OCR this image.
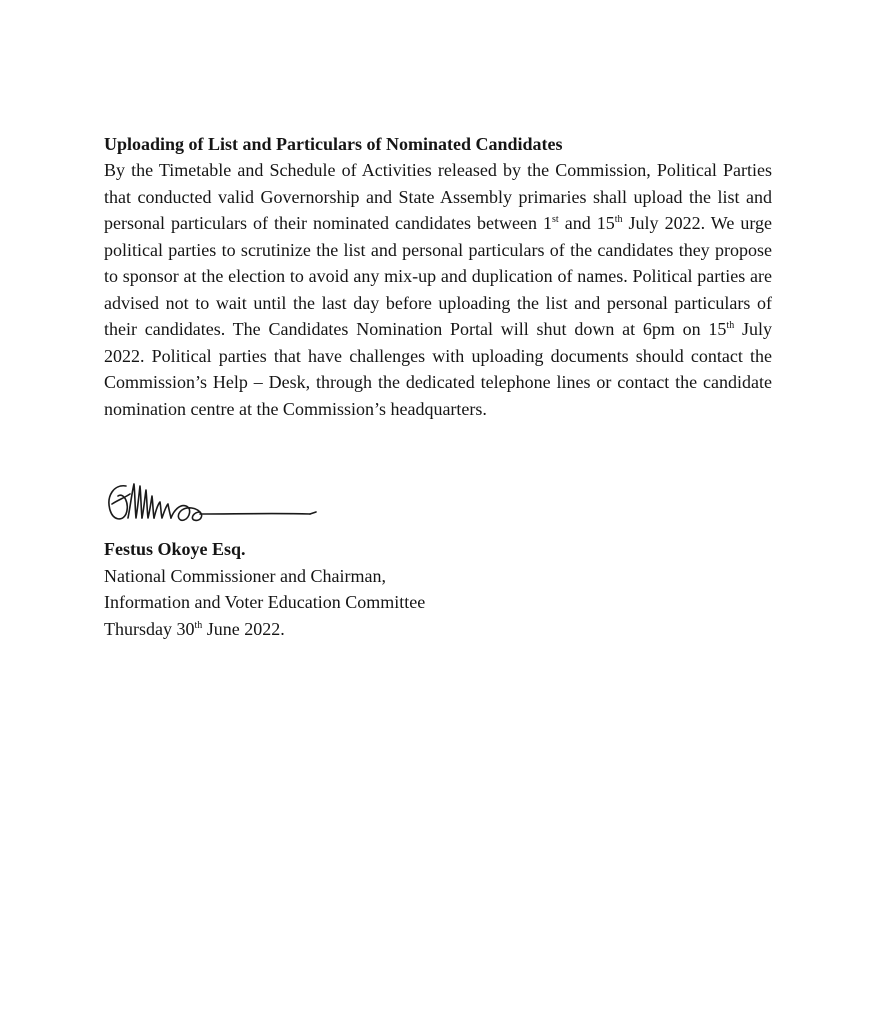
Uploading of List and Particulars of Nominated Candidates

By the Timetable and Schedule of Activities released by the Commission, Political Parties that conducted valid Governorship and State Assembly primaries shall upload the list and personal particulars of their nominated candidates between 1st and 15th July 2022. We urge political parties to scrutinize the list and personal particulars of the candidates they propose to sponsor at the election to avoid any mix-up and duplication of names. Political parties are advised not to wait until the last day before uploading the list and personal particulars of their candidates. The Candidates Nomination Portal will shut down at 6pm on 15th July 2022. Political parties that have challenges with uploading documents should contact the Commission’s Help – Desk, through the dedicated telephone lines or contact the candidate nomination centre at the Commission’s headquarters.

Festus Okoye Esq.
National Commissioner and Chairman,
Information and Voter Education Committee
Thursday 30th June 2022.
